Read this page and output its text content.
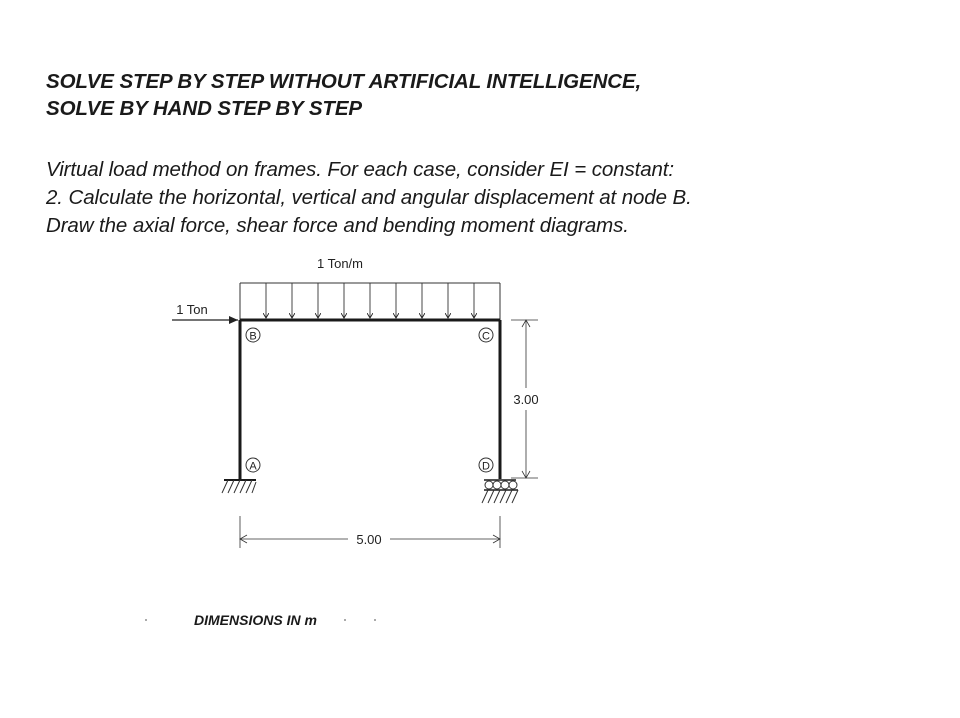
SOLVE STEP BY STEP WITHOUT ARTIFICIAL INTELLIGENCE,
SOLVE BY HAND STEP BY STEP
Virtual load method on frames. For each case, consider EI = constant:
2. Calculate the horizontal, vertical and angular displacement at node B.
Draw the axial force, shear force and bending moment diagrams.
1 Ton/m
1 Ton
B	C
A	D
3.00
5.00
DIMENSIONS IN m
